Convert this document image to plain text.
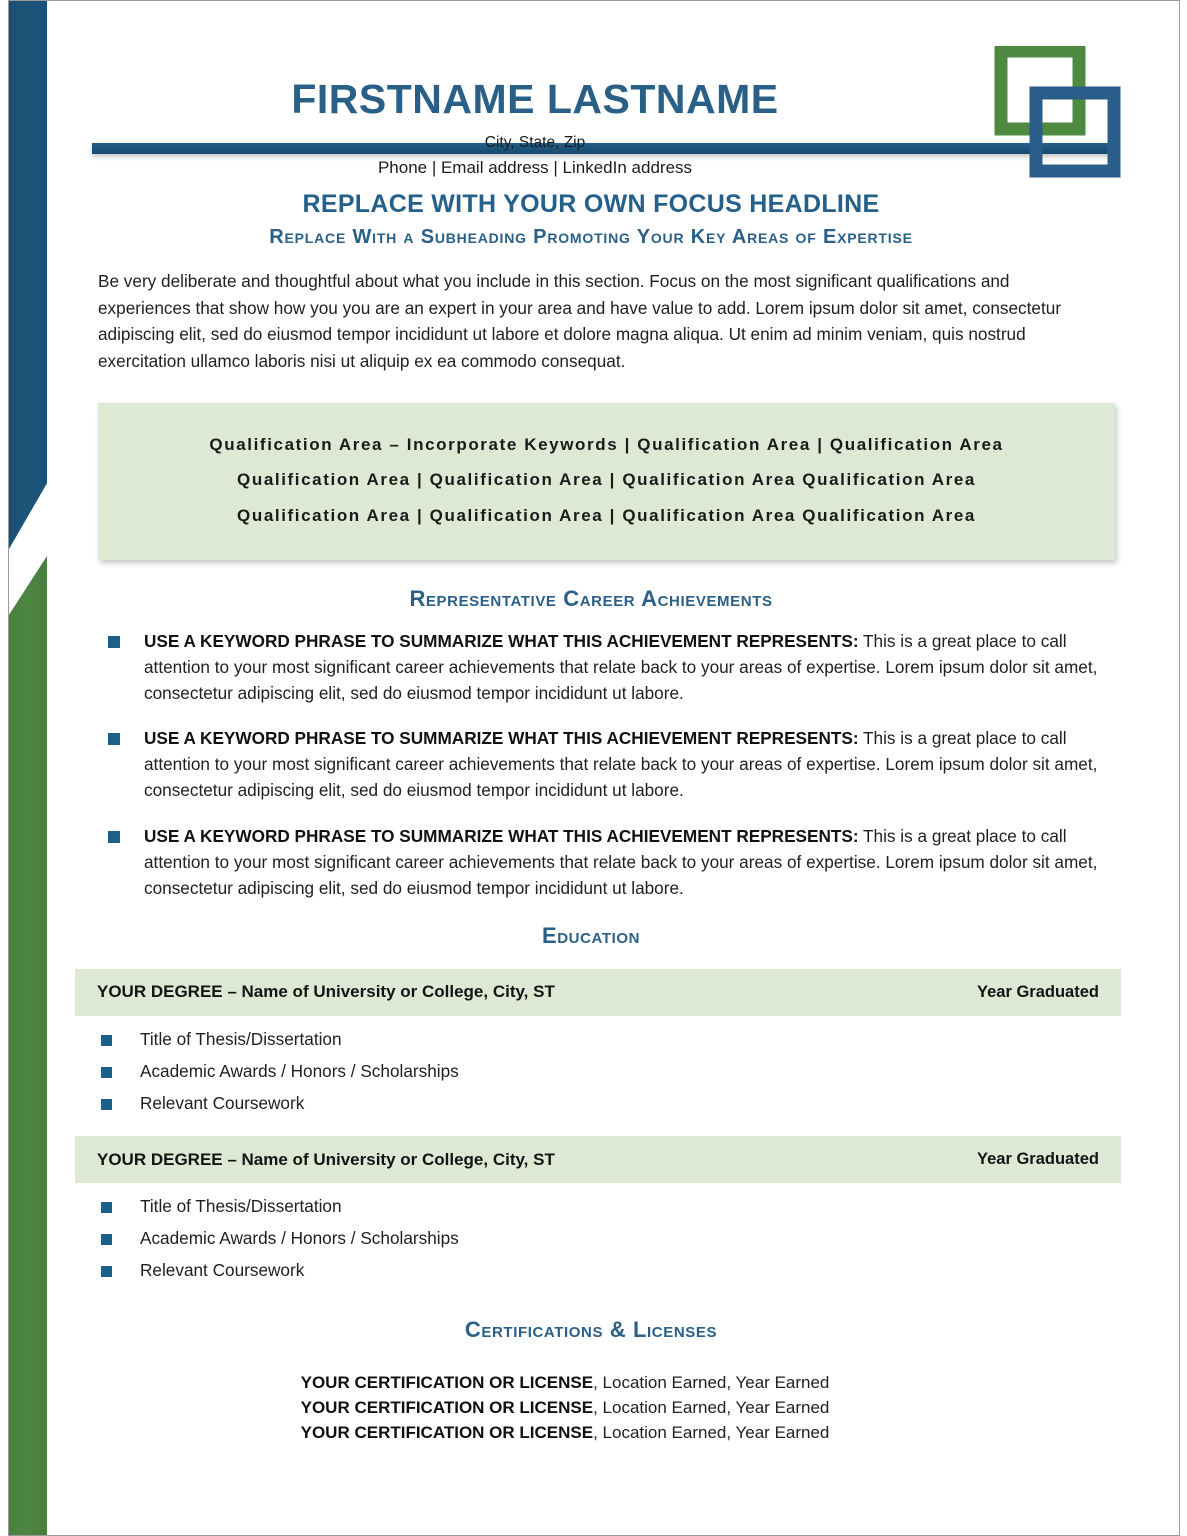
FIRSTNAME LASTNAME
City, State, Zip
Phone | Email address | LinkedIn address
REPLACE WITH YOUR OWN FOCUS HEADLINE
Replace With a Subheading Promoting Your Key Areas of Expertise
Be very deliberate and thoughtful about what you include in this section. Focus on the most significant qualifications and experiences that show how you you are an expert in your area and have value to add. Lorem ipsum dolor sit amet, consectetur adipiscing elit, sed do eiusmod tempor incididunt ut labore et dolore magna aliqua. Ut enim ad minim veniam, quis nostrud exercitation ullamco laboris nisi ut aliquip ex ea commodo consequat.
Qualification Area – Incorporate Keywords | Qualification Area | Qualification Area
Qualification Area | Qualification Area | Qualification Area Qualification Area
Qualification Area | Qualification Area | Qualification Area Qualification Area
Representative Career Achievements
USE A KEYWORD PHRASE TO SUMMARIZE WHAT THIS ACHIEVEMENT REPRESENTS: This is a great place to call attention to your most significant career achievements that relate back to your areas of expertise. Lorem ipsum dolor sit amet, consectetur adipiscing elit, sed do eiusmod tempor incididunt ut labore.
USE A KEYWORD PHRASE TO SUMMARIZE WHAT THIS ACHIEVEMENT REPRESENTS: This is a great place to call attention to your most significant career achievements that relate back to your areas of expertise. Lorem ipsum dolor sit amet, consectetur adipiscing elit, sed do eiusmod tempor incididunt ut labore.
USE A KEYWORD PHRASE TO SUMMARIZE WHAT THIS ACHIEVEMENT REPRESENTS: This is a great place to call attention to your most significant career achievements that relate back to your areas of expertise. Lorem ipsum dolor sit amet, consectetur adipiscing elit, sed do eiusmod tempor incididunt ut labore.
Education
YOUR DEGREE – Name of University or College, City, ST	Year Graduated
Title of Thesis/Dissertation
Academic Awards / Honors / Scholarships
Relevant Coursework
YOUR DEGREE – Name of University or College, City, ST	Year Graduated
Title of Thesis/Dissertation
Academic Awards / Honors / Scholarships
Relevant Coursework
Certifications & Licenses
YOUR CERTIFICATION OR LICENSE, Location Earned, Year Earned
YOUR CERTIFICATION OR LICENSE, Location Earned, Year Earned
YOUR CERTIFICATION OR LICENSE, Location Earned, Year Earned
